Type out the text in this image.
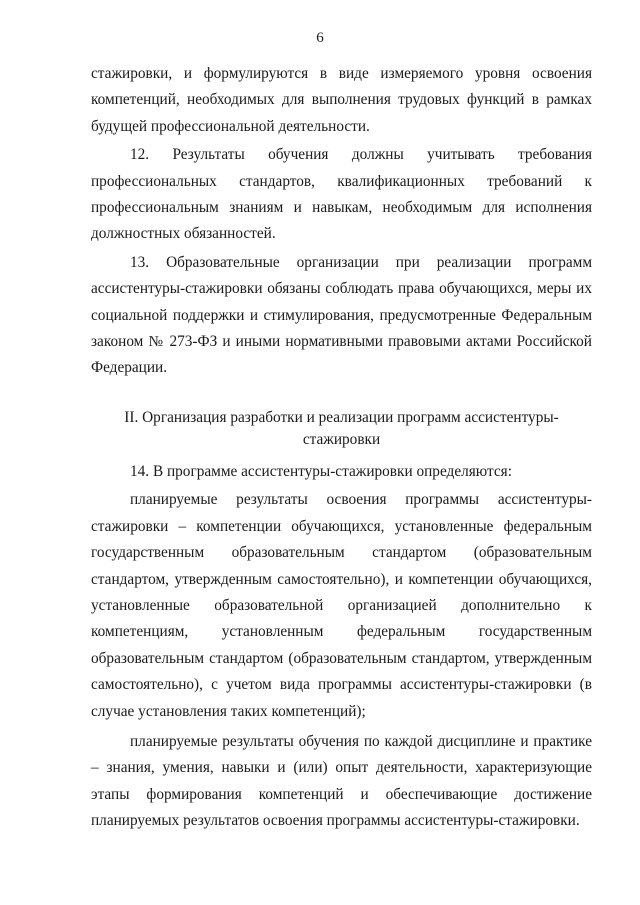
6

стажировки, и формулируются в виде измеряемого уровня освоения компетенций, необходимых для выполнения трудовых функций в рамках будущей профессиональной деятельности.

12. Результаты обучения должны учитывать требования профессиональных стандартов, квалификационных требований к профессиональным знаниям и навыкам, необходимым для исполнения должностных обязанностей.

13. Образовательные организации при реализации программ ассистентуры-стажировки обязаны соблюдать права обучающихся, меры их социальной поддержки и стимулирования, предусмотренные Федеральным законом № 273-ФЗ и иными нормативными правовыми актами Российской Федерации.

II. Организация разработки и реализации программ ассистентуры-
стажировки

14. В программе ассистентуры-стажировки определяются:

планируемые результаты освоения программы ассистентуры-стажировки – компетенции обучающихся, установленные федеральным государственным образовательным стандартом (образовательным стандартом, утвержденным самостоятельно), и компетенции обучающихся, установленные образовательной организацией дополнительно к компетенциям, установленным федеральным государственным образовательным стандартом (образовательным стандартом, утвержденным самостоятельно), с учетом вида программы ассистентуры-стажировки (в случае установления таких компетенций);

планируемые результаты обучения по каждой дисциплине и практике – знания, умения, навыки и (или) опыт деятельности, характеризующие этапы формирования компетенций и обеспечивающие достижение планируемых результатов освоения программы ассистентуры-стажировки.
